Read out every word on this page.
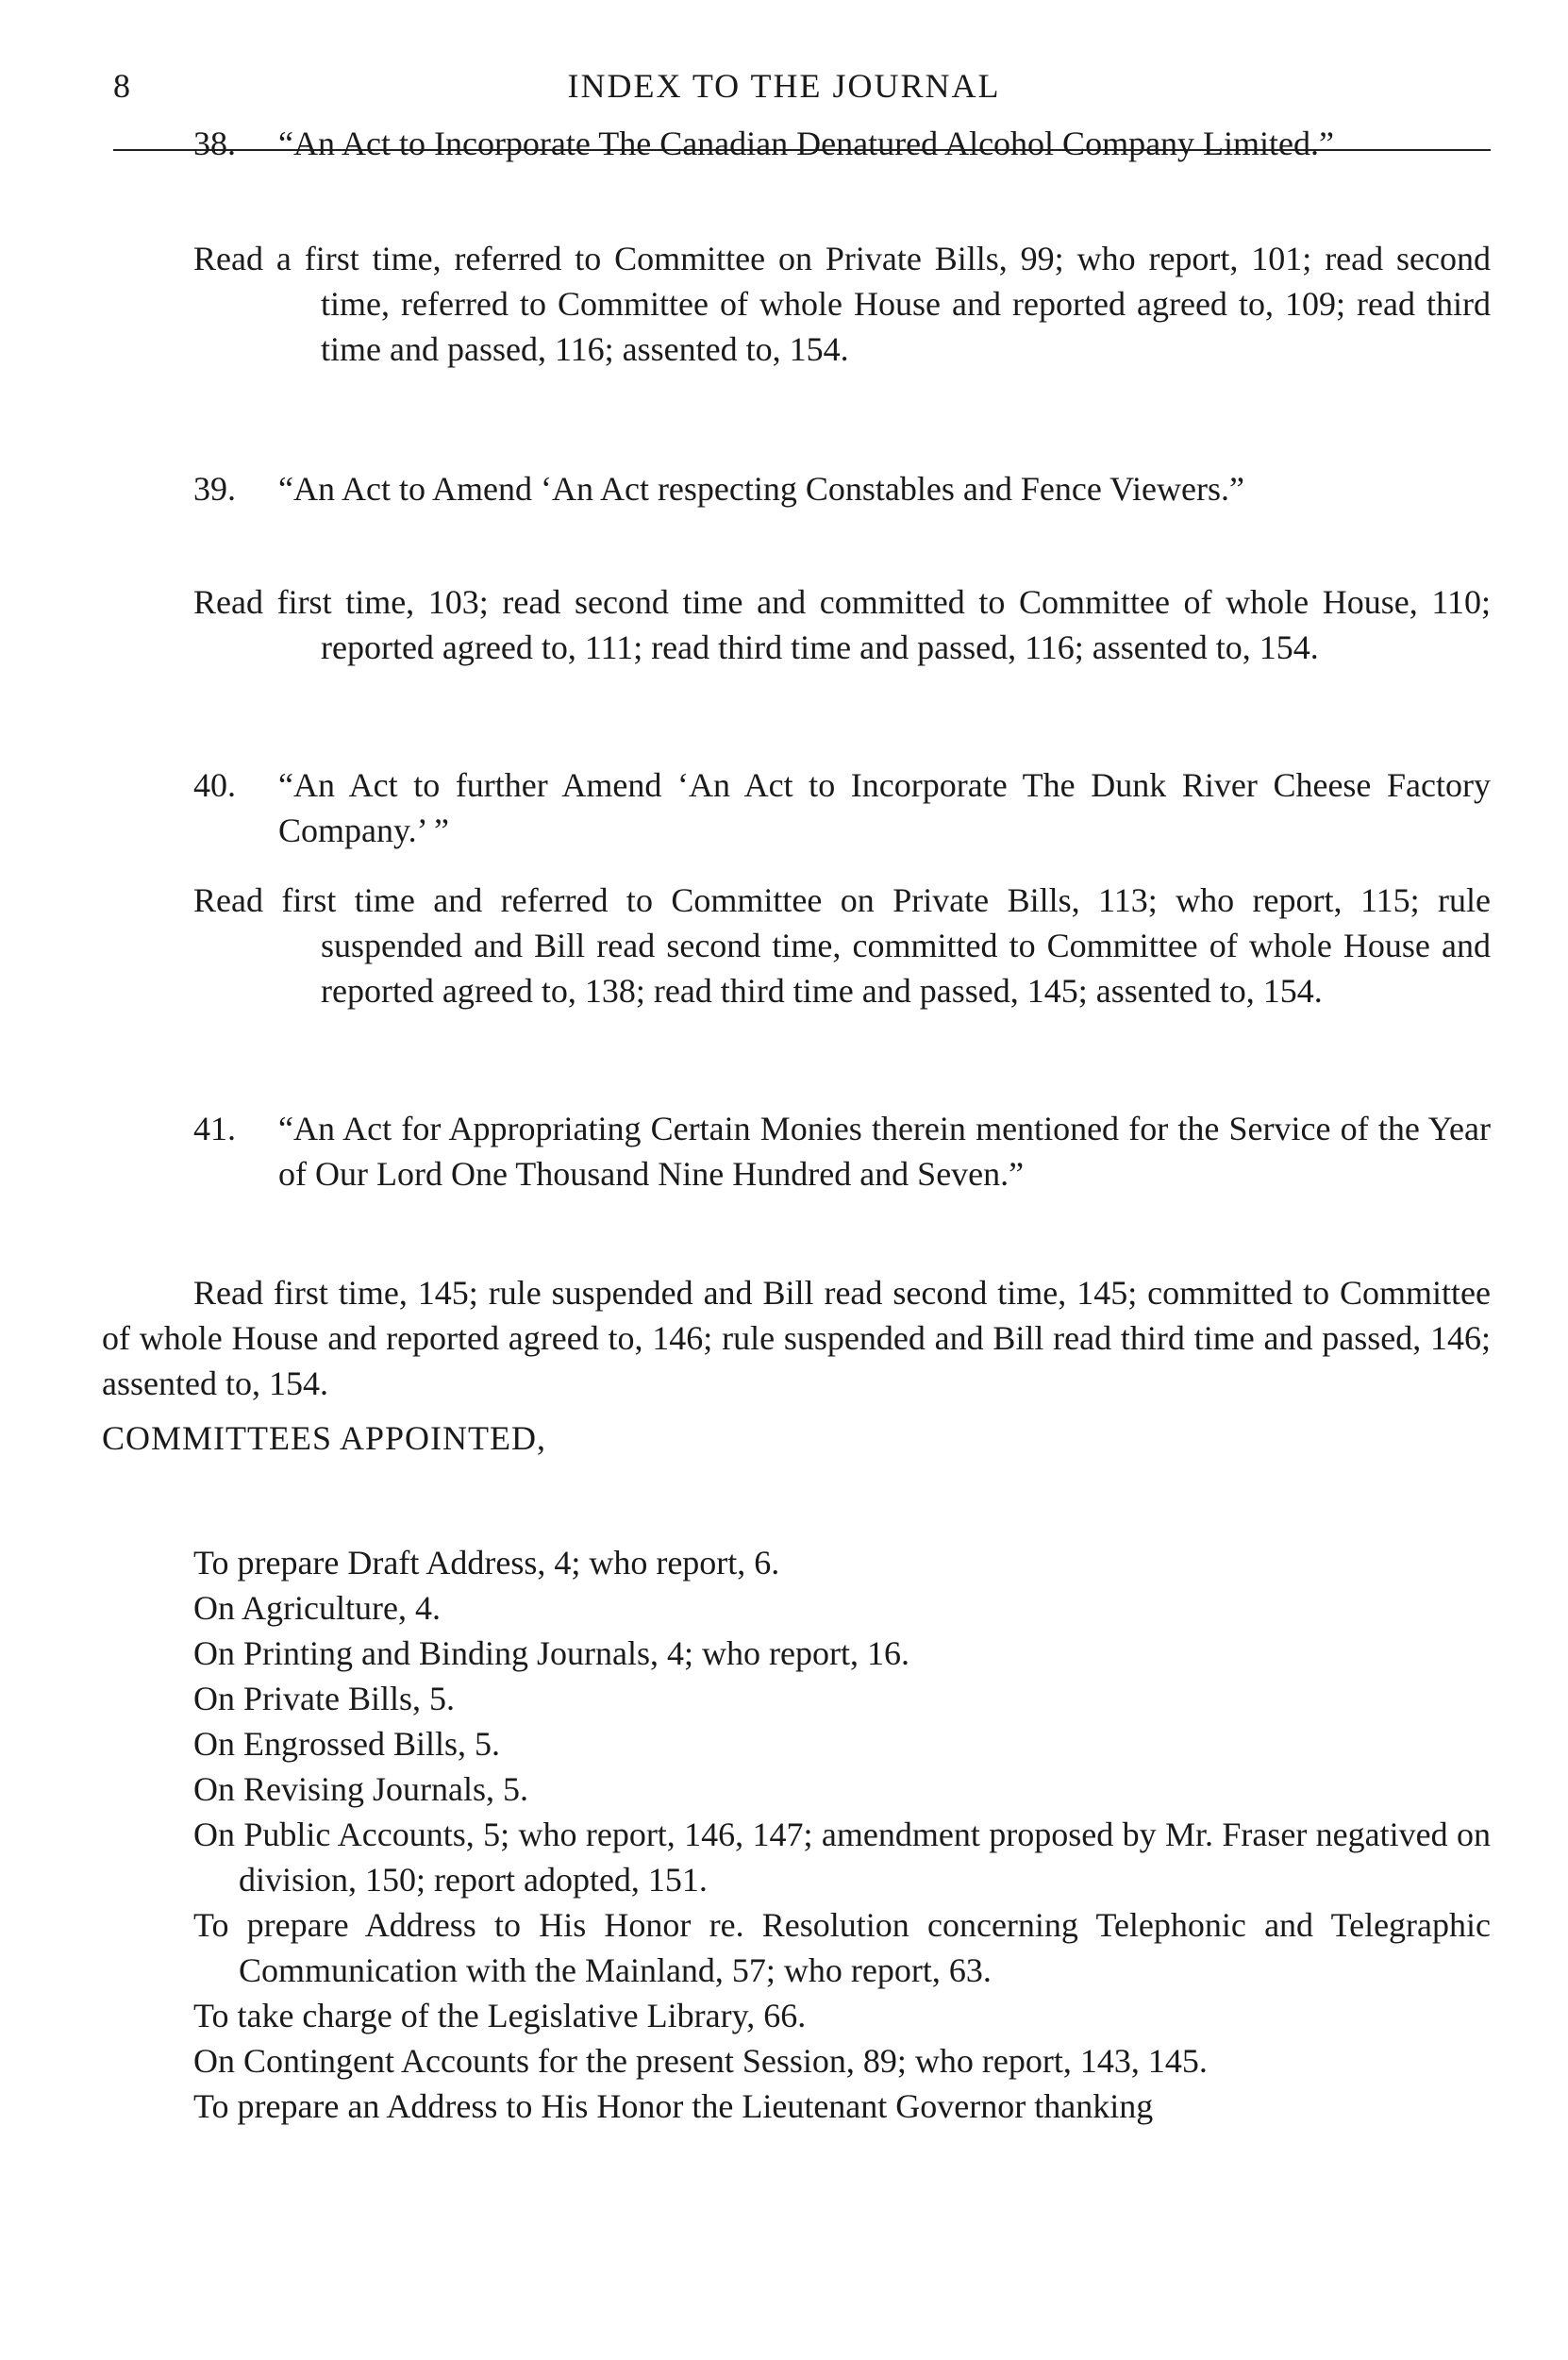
8	INDEX TO THE JOURNAL
38. “An Act to Incorporate The Canadian Denatured Alcohol Company Limited.”
Read a first time, referred to Committee on Private Bills, 99; who report, 101; read second time, referred to Committee of whole House and reported agreed to, 109; read third time and passed, 116; assented to, 154.
39. “An Act to Amend ‘An Act respecting Constables and Fence Viewers.”
Read first time, 103; read second time and committed to Committee of whole House, 110; reported agreed to, 111; read third time and passed, 116; assented to, 154.
40. “An Act to further Amend ‘An Act to Incorporate The Dunk River Cheese Factory Company.’ ”
Read first time and referred to Committee on Private Bills, 113; who report, 115; rule suspended and Bill read second time, committed to Committee of whole House and reported agreed to, 138; read third time and passed, 145; assented to, 154.
41. “An Act for Appropriating Certain Monies therein mentioned for the Service of the Year of Our Lord One Thousand Nine Hundred and Seven.”
Read first time, 145; rule suspended and Bill read second time, 145; committed to Committee of whole House and reported agreed to, 146; rule suspended and Bill read third time and passed, 146; assented to, 154.
COMMITTEES APPOINTED,
To prepare Draft Address, 4; who report, 6.
On Agriculture, 4.
On Printing and Binding Journals, 4; who report, 16.
On Private Bills, 5.
On Engrossed Bills, 5.
On Revising Journals, 5.
On Public Accounts, 5; who report, 146, 147; amendment proposed by Mr. Fraser negatived on division, 150; report adopted, 151.
To prepare Address to His Honor re. Resolution concerning Telephonic and Telegraphic Communication with the Mainland, 57; who report, 63.
To take charge of the Legislative Library, 66.
On Contingent Accounts for the present Session, 89; who report, 143, 145.
To prepare an Address to His Honor the Lieutenant Governor thanking
